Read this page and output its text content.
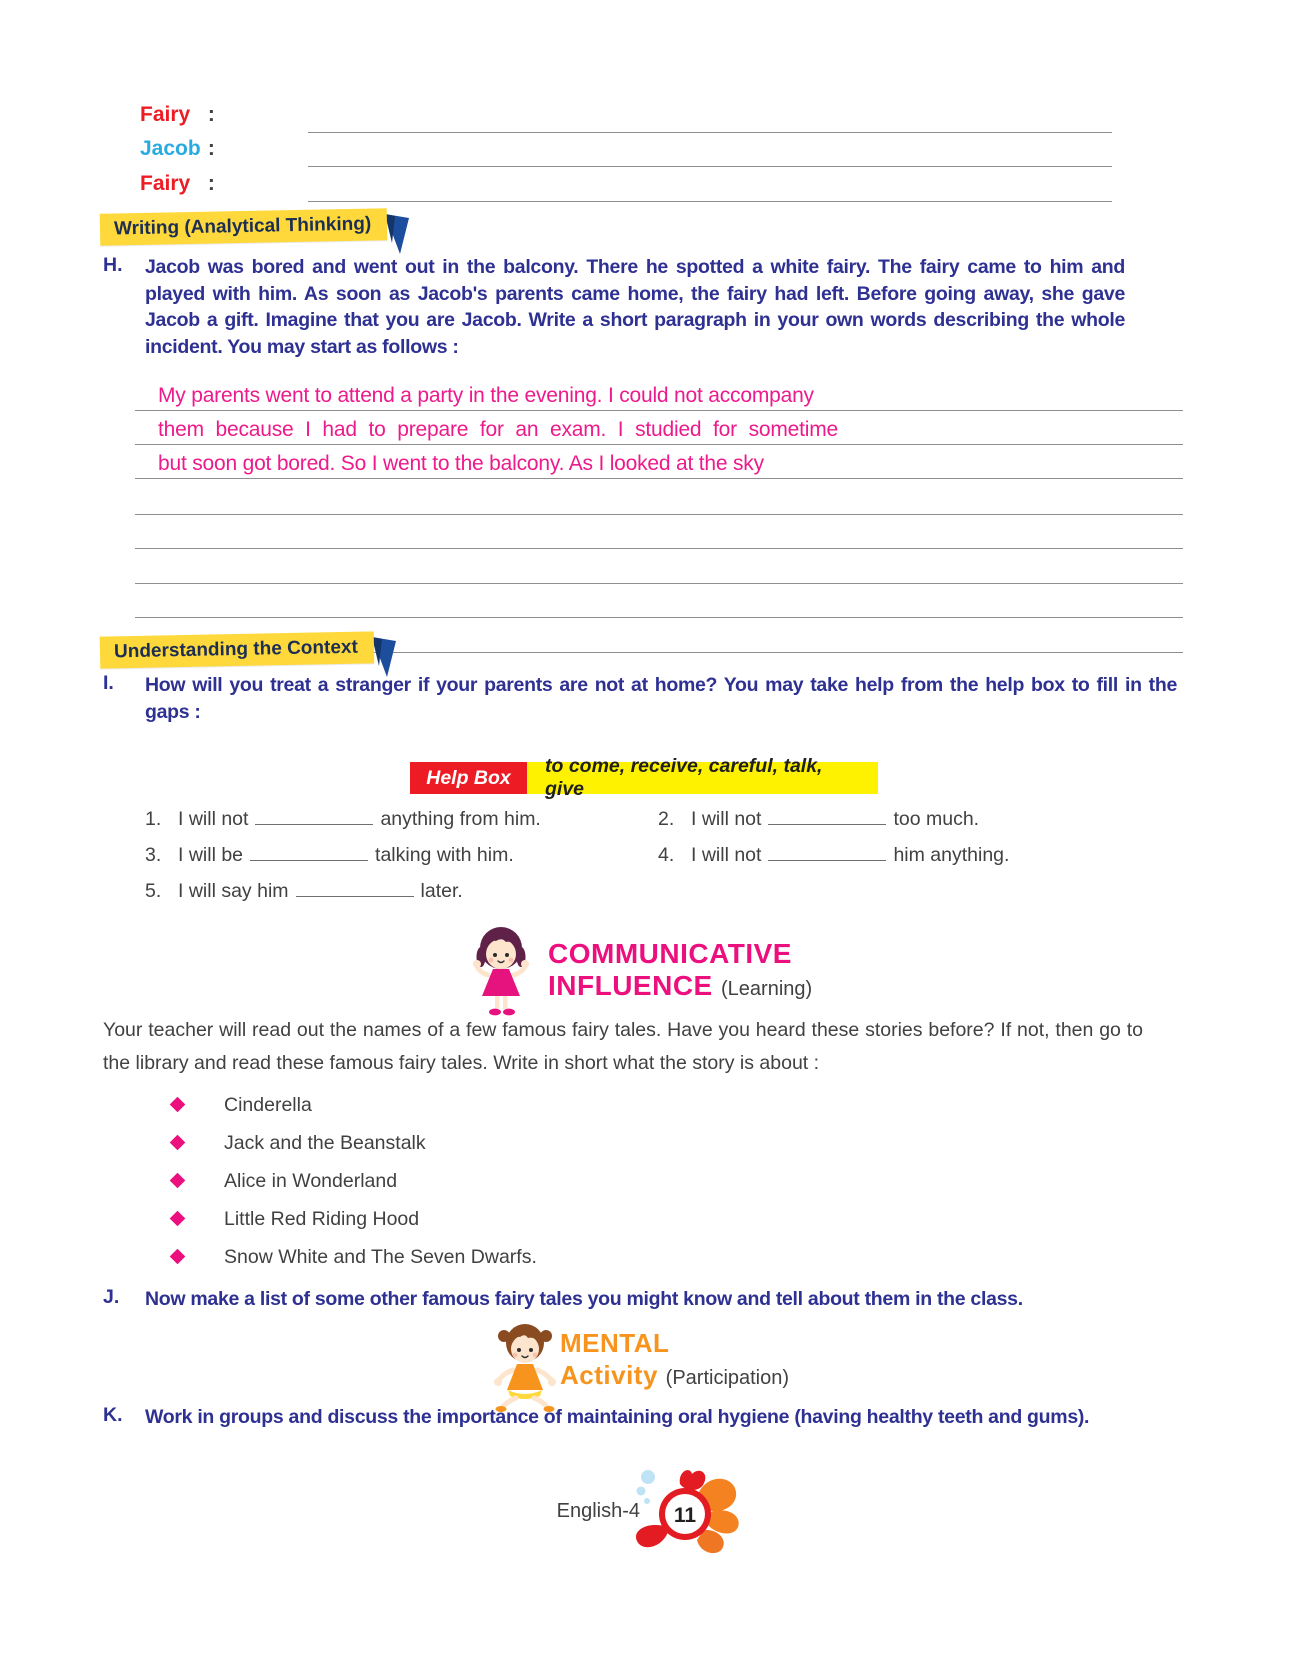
Fairy :
Jacob :
Fairy :
Writing (Analytical Thinking)
H. Jacob was bored and went out in the balcony. There he spotted a white fairy. The fairy came to him and played with him. As soon as Jacob's parents came home, the fairy had left. Before going away, she gave Jacob a gift. Imagine that you are Jacob. Write a short paragraph in your own words describing the whole incident. You may start as follows :
My parents went to attend a party in the evening. I could not accompany
them because I had to prepare for an exam. I studied for sometime
but soon got bored. So I went to the balcony. As I looked at the sky
Understanding the Context
I. How will you treat a stranger if your parents are not at home? You may take help from the help box to fill in the gaps :
Help Box
to come, receive, careful, talk, give
1. I will not	anything from him.	2. I will not	too much.
3. I will be	talking with him.	4. I will not	him anything.
5. I will say him	later.
COMMUNICATIVE
INFLUENCE (Learning)
Your teacher will read out the names of a few famous fairy tales. Have you heard these stories before? If not, then go to the library and read these famous fairy tales. Write in short what the story is about :
Cinderella
Jack and the Beanstalk
Alice in Wonderland
Little Red Riding Hood
Snow White and The Seven Dwarfs.
J. Now make a list of some other famous fairy tales you might know and tell about them in the class.
MENTAL
Activity (Participation)
K. Work in groups and discuss the importance of maintaining oral hygiene (having healthy teeth and gums).
English-4 11
